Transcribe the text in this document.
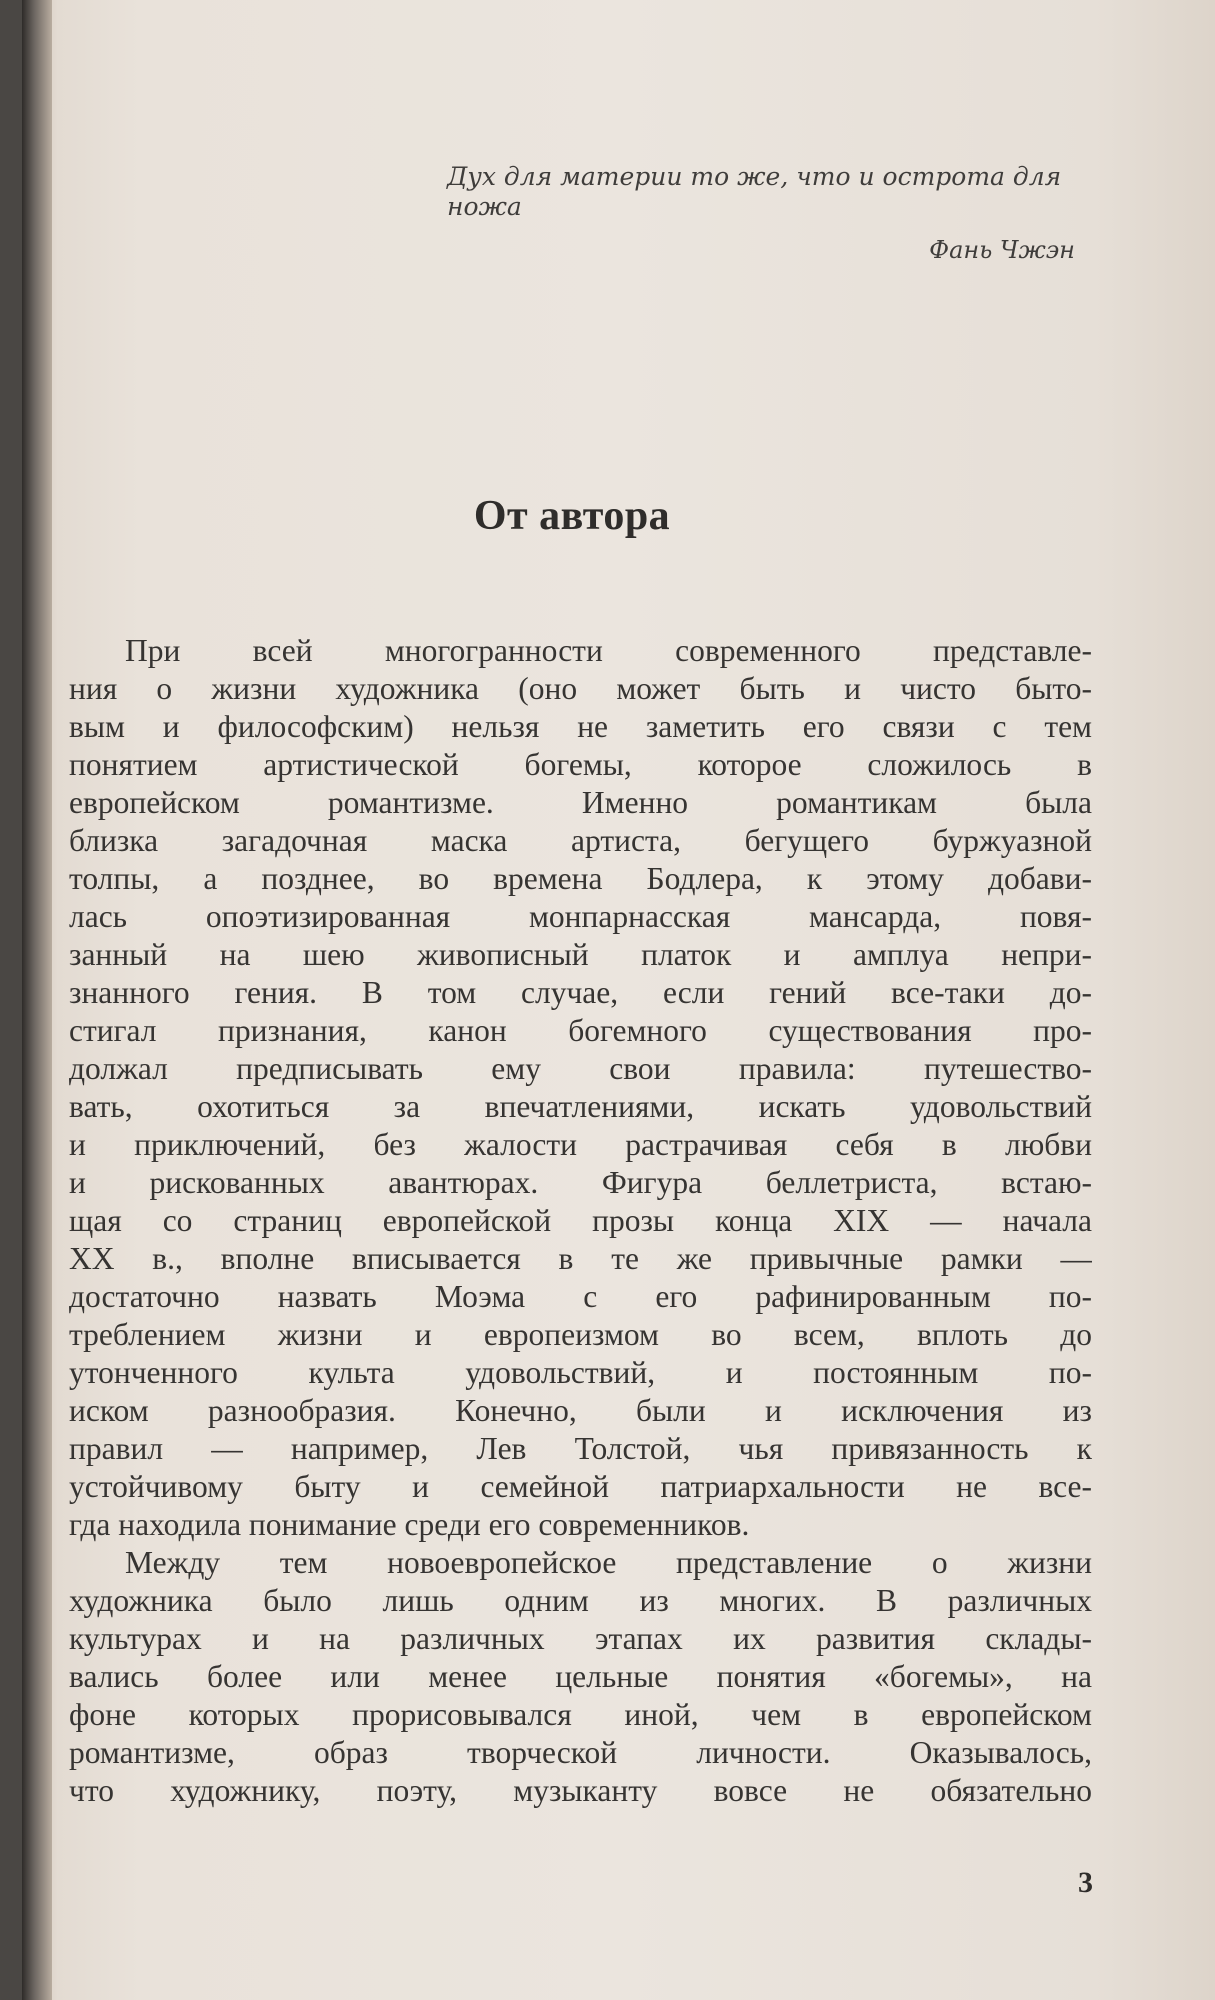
Дух для материи то же, что и острота для ножа
Фань Чжэн
От автора
При всей многогранности современного представле-
ния о жизни художника (оно может быть и чисто быто-
вым и философским) нельзя не заметить его связи с тем
понятием артистической богемы, которое сложилось в
европейском романтизме. Именно романтикам была
близка загадочная маска артиста, бегущего буржуазной
толпы, а позднее, во времена Бодлера, к этому добави-
лась опоэтизированная монпарнасская мансарда, повя-
занный на шею живописный платок и амплуа непри-
знанного гения. В том случае, если гений все-таки до-
стигал признания, канон богемного существования про-
должал предписывать ему свои правила: путешество-
вать, охотиться за впечатлениями, искать удовольствий
и приключений, без жалости растрачивая себя в любви
и рискованных авантюрах. Фигура беллетриста, встаю-
щая со страниц европейской прозы конца XIX — начала
XX в., вполне вписывается в те же привычные рамки —
достаточно назвать Моэма с его рафинированным по-
треблением жизни и европеизмом во всем, вплоть до
утонченного культа удовольствий, и постоянным по-
иском разнообразия. Конечно, были и исключения из
правил — например, Лев Толстой, чья привязанность к
устойчивому быту и семейной патриархальности не все-
гда находила понимание среди его современников.
Между тем новоевропейское представление о жизни
художника было лишь одним из многих. В различных
культурах и на различных этапах их развития склады-
вались более или менее цельные понятия «богемы», на
фоне которых прорисовывался иной, чем в европейском
романтизме, образ творческой личности. Оказывалось,
что художнику, поэту, музыканту вовсе не обязательно
3
